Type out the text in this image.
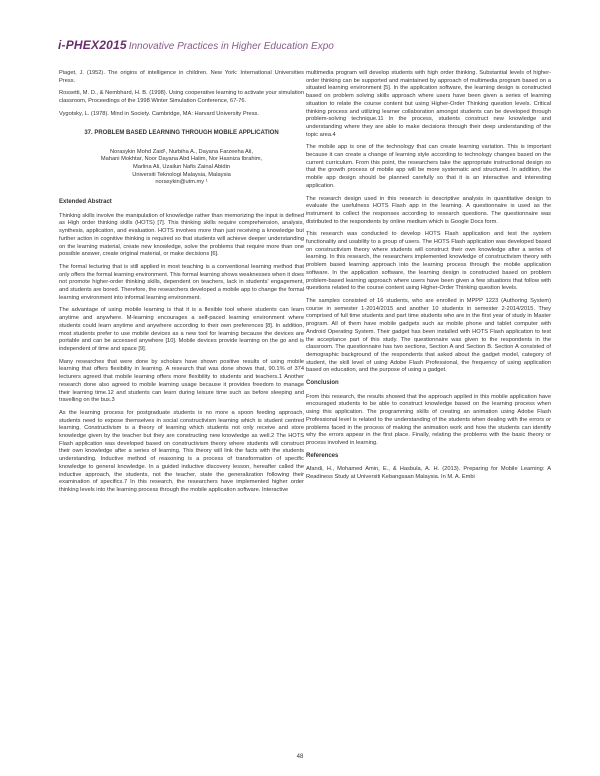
i-PHEX2015 Innovative Practices in Higher Education Expo

Piaget, J. (1952). The origins of intelligence in children. New York: International Universities Press.

Rossetti, M. D., & Nembhard, H. B. (1998). Using cooperative learning to activate your simulation classroom, Proceedings of the 1998 Winter Simulation Conference, 67-76.

Vygotsky, L. (1978). Mind in Society. Cambridge, MA: Harvard University Press.

37. PROBLEM BASED LEARNING THROUGH MOBILE APPLICATION
Norasykin Mohd Zaid¹, Nurbiha A., Dayana Farzeeha Ali,
Mahani Mokhtar, Noor Dayana Abd Halim, Nor Hasniza Ibrahim,
Marlina Ali, Uzailun Nafis Zainal Abidin
Universiti Teknologi Malaysia, Malaysia
norasykin@utm.my ¹
Extended Abstract

Thinking skills involve the manipulation of knowledge rather than memorizing the input is defined as High order thinking skills (HOTS) [7]. This thinking skills require comprehension, analysis, synthesis, application, and evaluation. HOTS involves more than just receiving a knowledge but further action in cognitive thinking is required so that students will achieve deeper understanding on the learning material, create new knowledge, solve the problems that require more than one possible answer, create original material, or make decisions [6].

The formal lecturing that is still applied in most teaching is a conventional learning method that only offers the formal learning environment. This formal learning shows weaknesses when it does not promote higher-order thinking skills, dependent on teachers, lack in students' engagement, and students are bored. Therefore, the researchers developed a mobile app to change the formal learning environment into informal learning environment.

The advantage of using mobile learning is that it is a flexible tool where students can learn anytime and anywhere. M-learning encourages a self-paced learning environment where students could learn anytime and anywhere according to their own preferences [8]. In addition, most students prefer to use mobile devices as a new tool for learning because the devices are portable and can be accessed anywhere [10]. Mobile devices provide learning on the go and is independent of time and space [9].

Many researches that were done by scholars have shown positive results of using mobile learning that offers flexibility in learning. A research that was done shows that, 90.1% of 374 lecturers agreed that mobile learning offers more flexibility to students and teachers.1 Another research done also agreed to mobile learning usage because it provides freedom to manage their learning time.12 and students can learn during leisure time such as before sleeping and travelling on the bus.3

As the learning process for postgraduate students is no more a spoon feeding approach, students need to expose themselves in social constructivism learning which is student centred learning. Constructivism is a theory of learning which students not only receive and store knowledge given by the teacher but they are constructing new knowledge as well.2 The HOTS Flash application was developed based on constructivism theory where students will construct their own knowledge after a series of learning. This theory will link the facts with the students understanding. Inductive method of reasoning is a process of transformation of specific knowledge to general knowledge. In a guided inductive discovery lesson, hereafter called the inductive approach, the students, not the teacher, state the generalization following their examination of specifics.7 In this research, the researchers have implemented higher order thinking levels into the learning process through the mobile application software. Interactive

multimedia program will develop students with high order thinking. Substantial levels of higher-order thinking can be supported and maintained by approach of multimedia program based on a situated learning environment [5]. In the application software, the learning design is constructed based on problem solving skills approach where users have been given a series of learning situation to relate the course content but using Higher-Order Thinking question levels. Critical thinking process and utilizing learner collaboration amongst students can be developed through problem-solving technique.11 In the process, students construct new knowledge and understanding where they are able to make decisions through their deep understanding of the topic area.4

The mobile app is one of the technology that can create learning variation. This is important because it can create a change of learning style according to technology changes based on the current curriculum. From this point, the researchers take the appropriate instructional design so that the growth process of mobile app will be more systematic and structured. In addition, the mobile app design should be planned carefully so that it is an interactive and interesting application.

The research design used in this research is descriptive analysis in quantitative design to evaluate the usefulness HOTS Flash app in the learning. A questionnaire is used as the instrument to collect the responses according to research questions. The questionnaire was distributed to the respondents by online medium which is Google Docs form.

This research was conducted to develop HOTS Flash application and test the system functionality and usability to a group of users. The HOTS Flash application was developed based on constructivism theory where students will construct their own knowledge after a series of learning. In this research, the researchers implemented knowledge of constructivism theory with problem based learning approach into the learning process through the mobile application software. In the application software, the learning design is constructed based on problem problem-based learning approach where users have been given a few situations that follow with questions related to the course content using Higher-Order Thinking question levels.

The samples consisted of 16 students, who are enrolled in MPPP 1223 (Authoring System) course in semester 1-2014/2015 and another 10 students in semester 2-2014/2015. They comprised of full time students and part time students who are in the first year of study in Master program. All of them have mobile gadgets such as mobile phone and tablet computer with Android Operating System. Their gadget has been installed with HOTS Flash application to test the acceptance part of this study. The questionnaire was given to the respondents in the classroom. The questionnaire has two sections, Section A and Section B. Section A consisted of demographic background of the respondents that asked about the gadget model, category of student, the skill level of using Adobe Flash Professional, the frequency of using application based on education, and the purpose of using a gadget.

Conclusion

From this research, the results showed that the approach applied in this mobile application have encouraged students to be able to construct knowledge based on the learning process when using this application. The programming skills of creating an animation using Adobe Flash Professional level is related to the understanding of the students when dealing with the errors or problems faced in the process of making the animation work and how the students can identify why the errors appear in the first place. Finally, relating the problems with the basic theory or process involved in learning.

References

Afandi, H., Mohamed Amin, E., & Hasbula, A. H. (2013). Preparing for Mobile Learning: A Readiness Study at Universiti Kebangsaan Malaysia. In M. A. Embi

48
